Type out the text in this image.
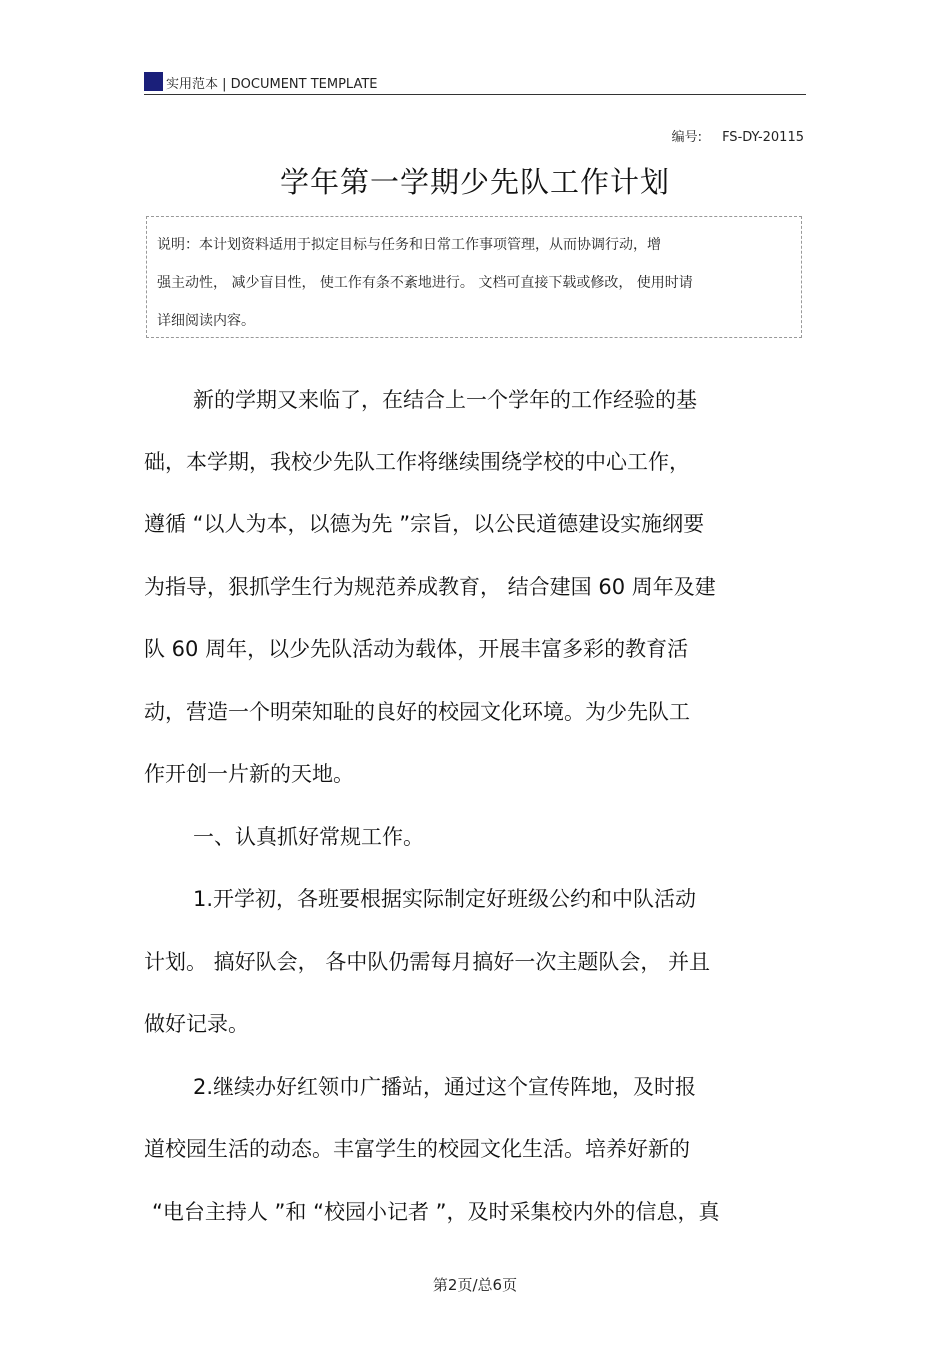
实用范本 | DOCUMENT TEMPLATE
编号: FS-DY-20115
学年第一学期少先队工作计划
说明：本计划资料适用于拟定目标与任务和日常工作事项管理，从而协调行动，增
强主动性， 减少盲目性， 使工作有条不紊地进行。 文档可直接下载或修改， 使用时请
详细阅读内容。
新的学期又来临了，在结合上一个学年的工作经验的基
础，本学期，我校少先队工作将继续围绕学校的中心工作，
遵循 “以人为本，以德为先 ”宗旨，以公民道德建设实施纲要
为指导，狠抓学生行为规范养成教育， 结合建国 60 周年及建
队 60 周年，以少先队活动为载体，开展丰富多彩的教育活
动，营造一个明荣知耻的良好的校园文化环境。为少先队工
作开创一片新的天地。
一、认真抓好常规工作。
1.开学初，各班要根据实际制定好班级公约和中队活动
计划。 搞好队会， 各中队仍需每月搞好一次主题队会， 并且
做好记录。
2.继续办好红领巾广播站，通过这个宣传阵地，及时报
道校园生活的动态。丰富学生的校园文化生活。培养好新的
“电台主持人 ”和 “校园小记者 ”，及时采集校内外的信息，真
第2页/总6页
